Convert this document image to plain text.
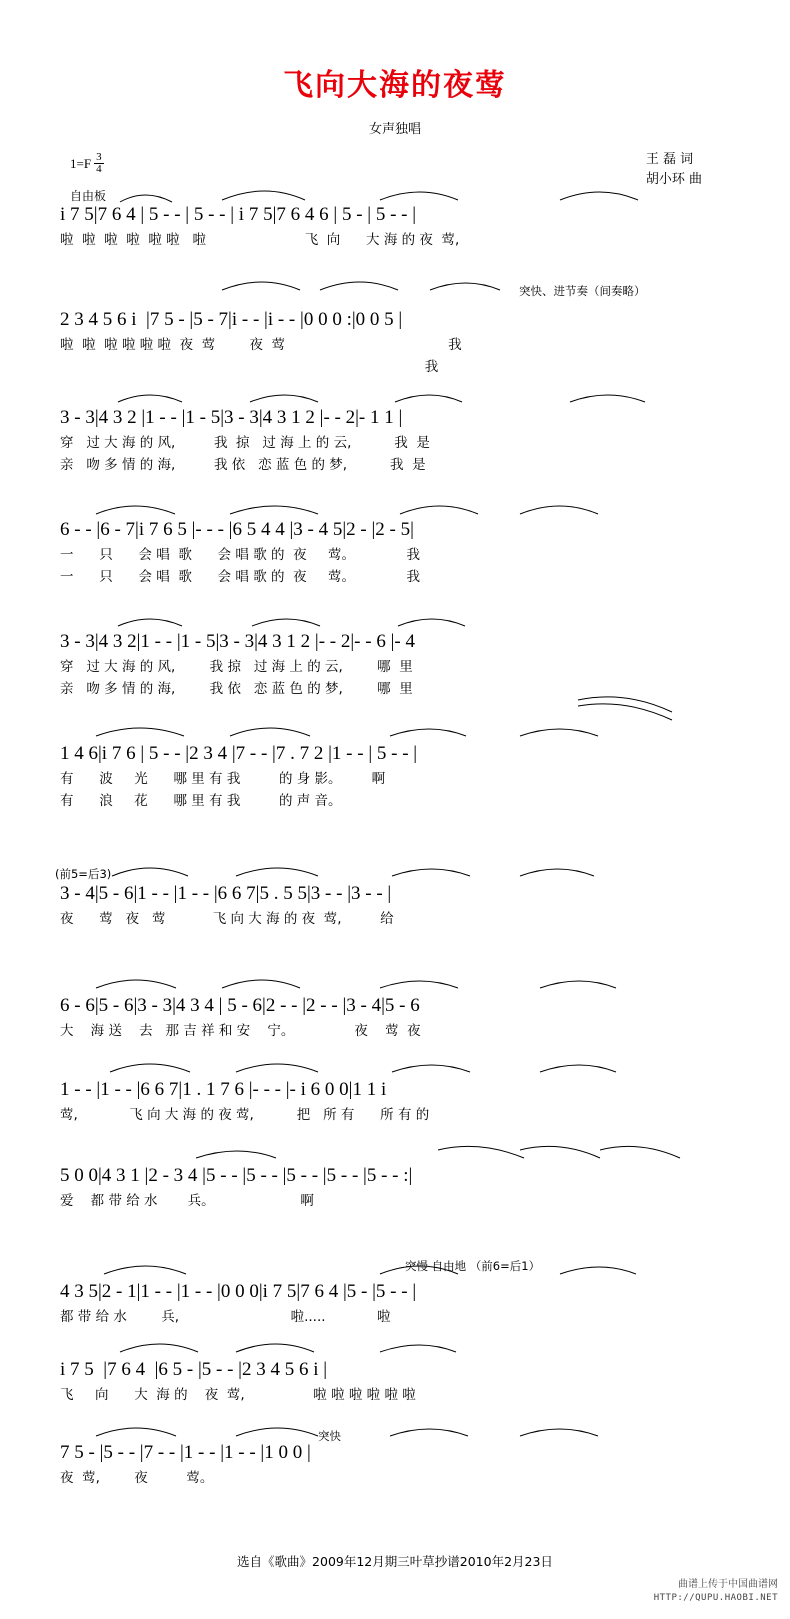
飞向大海的夜莺
女声独唱
$1=F \frac{3}{4}$
自由板
王 磊 词
胡小环 曲
突快、进节奏（间奏略）
(前5=后3)
突慢 自由地 （前6=后1）
突快
i 7 5|7 6 4 | 5 - - | 5 - - | i 7 5|7 6 4 6 | 5 - | 5 - - |
啦  啦  啦  啦  啦 啦   啦                       飞  向      大 海 的 夜  莺,
2 3 4 5 6 i  |7 5 - |5 - 7|i - - |i - - |0 0 0 :|0 0 5 |
啦  啦  啦 啦 啦 啦  夜  莺        夜  莺                                      我
我
3 - 3|4 3 2 |1 - - |1 - 5|3 - 3|4 3 1 2 |- - 2|- 1 1 |
穿   过 大 海 的 风,         我  掠   过 海 上 的 云,          我  是
亲   吻 多 情 的 海,         我 依   恋 蓝 色 的 梦,          我  是
6 - - |6 - 7|i 7 6 5 |- - - |6 5 4 4 |3 - 4 5|2 - |2 - 5|
一      只      会 唱  歌      会 唱 歌 的  夜     莺。            我
一      只      会 唱  歌      会 唱 歌 的  夜     莺。            我
3 - 3|4 3 2|1 - - |1 - 5|3 - 3|4 3 1 2 |- - 2|- - 6 |- 4
穿   过 大 海 的 风,        我 掠   过 海 上 的 云,        哪  里
亲   吻 多 情 的 海,        我 依   恋 蓝 色 的 梦,        哪  里
1 4 6|i 7 6 | 5 - - |2 3 4 |7 - - |7 . 7 2 |1 - - | 5 - - |
有      波     光      哪 里 有 我         的 身 影。       啊
有      浪     花      哪 里 有 我         的 声 音。
3 - 4|5 - 6|1 - - |1 - - |6 6 7|5 . 5 5|3 - - |3 - - |
夜      莺   夜   莺           飞 向 大 海 的 夜  莺,         给
6 - 6|5 - 6|3 - 3|4 3 4 | 5 - 6|2 - - |2 - - |3 - 4|5 - 6
大    海 送    去   那 吉 祥 和 安    宁。              夜    莺  夜
1 - - |1 - - |6 6 7|1 . 1 7 6 |- - - |- i 6 0 0|1 1 i
莺,            飞 向 大 海 的 夜 莺,          把   所 有      所 有 的
5 0 0|4 3 1 |2 - 3 4 |5 - - |5 - - |5 - - |5 - - |5 - - :|
爱    都 带 给 水       兵。                    啊
4 3 5|2 - 1|1 - - |1 - - |0 0 0|i 7 5|7 6 4 |5 - |5 - - |
都 带 给 水        兵,                          啦.....            啦
i 7 5  |7 6 4  |6 5 - |5 - - |2 3 4 5 6 i |
飞     向      大  海 的    夜  莺,                啦 啦 啦 啦 啦 啦
7 5 - |5 - - |7 - - |1 - - |1 - - |1 0 0 |
夜  莺,        夜         莺。
选自《歌曲》2009年12月期三叶草抄谱2010年2月23日
曲谱上传于中国曲谱网
HTTP://QUPU.HAOBI.NET
